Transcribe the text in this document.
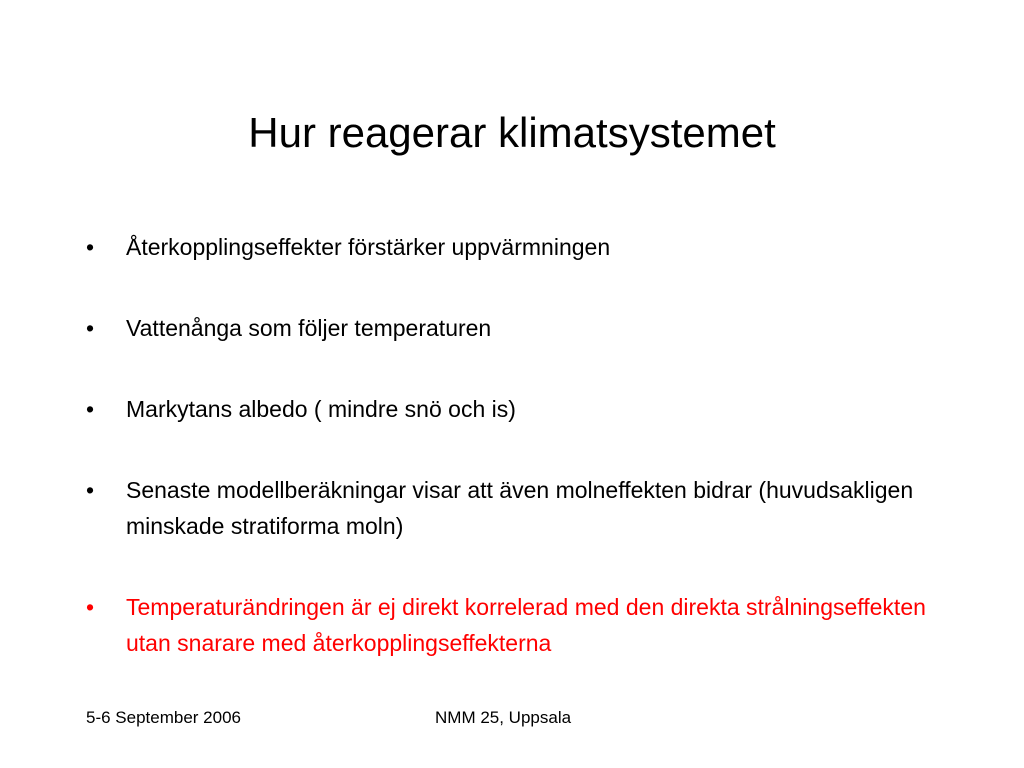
Hur reagerar klimatsystemet
•	Återkopplingseffekter förstärker uppvärmningen
•	Vattenånga som följer temperaturen
•	Markytans albedo ( mindre snö och is)
•	Senaste modellberäkningar visar att även molneffekten bidrar (huvudsakligen minskade stratiforma moln)
•	Temperaturändringen är ej direkt korrelerad med den direkta strålningseffekten utan snarare med återkopplingseffekterna
5-6 September 2006	NMM 25, Uppsala
